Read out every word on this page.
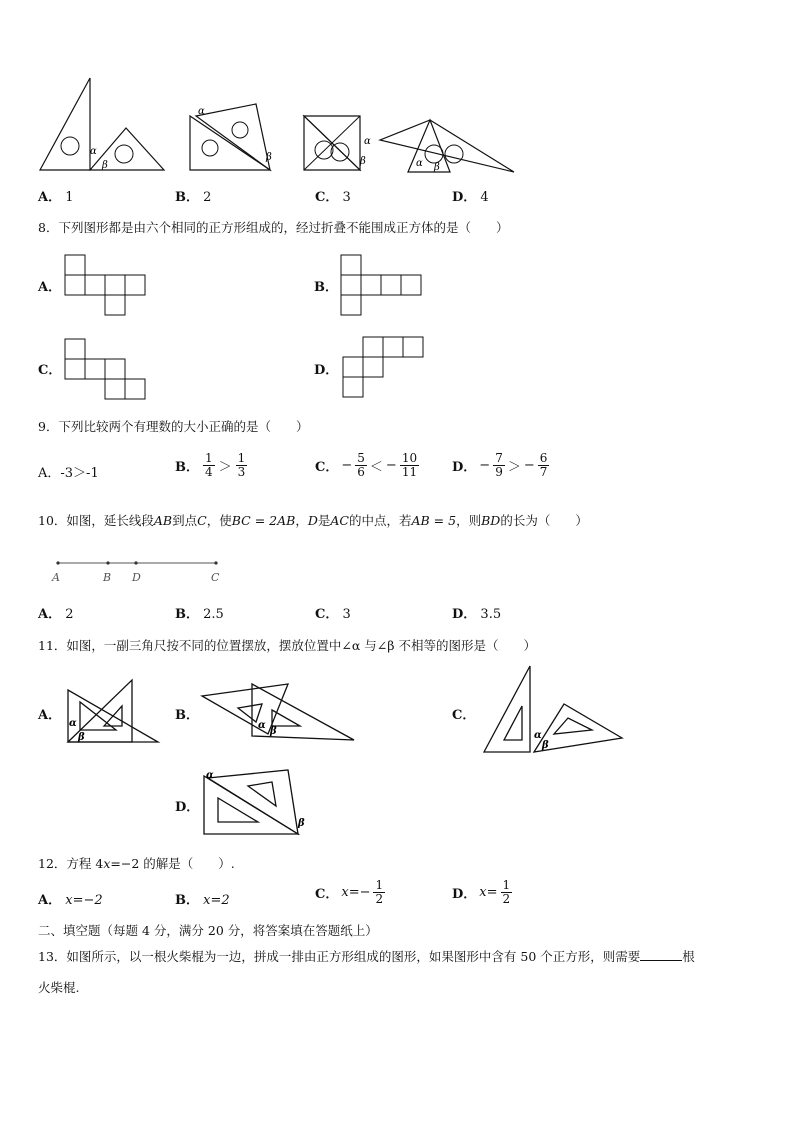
α
β
α
β
α
β	α β
A． 1	B． 2	C． 3	D． 4
8．下列图形都是由六个相同的正方形组成的，经过折叠不能围成正方体的是（　　）
A．	B．
C．	D．
9．下列比较两个有理数的大小正确的是（　　）
A．-3＞-1	B． $\frac{1}{4} > \frac{1}{3}$	C． − $\frac{5}{6}$ ＜ − $\frac{10}{11}$	D． − $\frac{7}{9}$ ＞ − $\frac{6}{7}$
10．如图，延长线段AB到点C，使BC = 2AB，D是AC的中点，若AB = 5，则BD的长为（　　）
A	B D	C
A． 2	B． 2.5	C． 3	D． 3.5
11．如图，一副三角尺按不同的位置摆放，摆放位置中∠α 与∠β 不相等的图形是（　　）
A．
α
β
B．
α
β
C．
α
β
D．
α
β
12．方程 4x=−2 的解是（　　）.
A． x=−2	B． x=2	C． $x=- \frac{1}{2}$	D． $x= \frac{1}{2}$
二、填空题（每题 4 分，满分 20 分，将答案填在答题纸上）
13．如图所示，以一根火柴棍为一边，拼成一排由正方形组成的图形，如果图形中含有 50 个正方形，则需要	根
火柴棍.
